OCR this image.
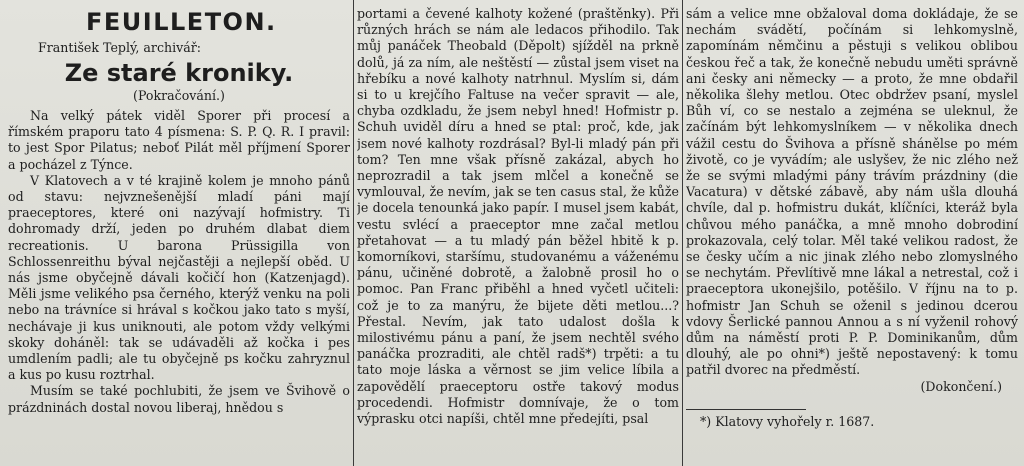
FEUILLETON.
František Teplý, archivář:
Ze staré kroniky.
(Pokračování.)

Na velký pátek viděl Sporer při procesí a římském praporu tato 4 písmena: S. P. Q. R. I pravil: to jest Spor Pilatus; neboť Pilát měl příjmení Sporer a pocházel z Týnce.

V Klatovech a v té krajině kolem je mnoho pánů od stavu: nejvznešenější mladí páni mají praeceptores, které oni nazývají hofmistry. Ti dohromady drží, jeden po druhém dlabat diem recreationis. U barona Prüssigilla von Schlossenreithu býval nejčastěji a nejlepší oběd. U nás jsme obyčejně dávali kočičí hon (Katzenjagd). Měli jsme velikého psa černého, kterýž venku na poli nebo na trávníce si hrával s kočkou jako tato s myší, nechávaje ji kus uniknouti, ale potom vždy velkými skoky doháněl: tak se udávaděli až kočka i pes umdlením padli; ale tu obyčejně ps kočku zahryznul a kus po kusu roztrhal.

Musím se také pochlubiti, že jsem ve Švihově o prázdninách dostal novou liberaj, hnědou s

portami a čevené kalhoty kožené (praštěnky). Při různých hrách se nám ale ledacos přihodilo. Tak můj panáček Theobald (Děpolt) sjížděl na prkně dolů, já za ním, ale neštěstí — zůstal jsem viset na hřebíku a nové kalhoty natrhnul. Myslím si, dám si to u krejčího Faltuse na večer spravit — ale, chyba ozdkladu, že jsem nebyl hned! Hofmistr p. Schuh uviděl díru a hned se ptal: proč, kde, jak jsem nové kalhoty rozdrásal? Byl-li mladý pán při tom? Ten mne však přísně zakázal, abych ho neprozradil a tak jsem mlčel a konečně se vymlouval, že nevím, jak se ten casus stal, že kůže je docela tenounká jako papír. I musel jsem kabát, vestu svlécí a praeceptor mne začal metlou přetahovat — a tu mladý pán běžel hbitě k p. komorníkovi, staršímu, studovanému a váženému pánu, učiněné dobrotě, a žalobně prosil ho o pomoc. Pan Franc přiběhl a hned vyčetl učiteli: což je to za manýru, že bijete děti metlou...? Přestal. Nevím, jak tato udalost došla k milostivému pánu a paní, že jsem nechtěl svého panáčka prozraditi, ale chtěl radš*) trpěti: a tu tato moje láska a věrnost se jim velice líbila a zapovědělí praeceptoru ostře takový modus procedendi. Hofmistr domnívaje, že o tom výprasku otci napíši, chtěl mne předejíti, psal

sám a velice mne obžaloval doma dokládaje, že se nechám svádětí, počínám si lehkomyslně, zapomínám němčinu a pěstuji s velikou oblibou českou řeč a tak, že konečně nebudu uměti správně ani česky ani německy — a proto, že mne obdařil několika šlehy metlou. Otec obdržev psaní, myslel Bůh ví, co se nestalo a zejména se uleknul, že začínám být lehkomyslníkem — v několika dnech vážil cestu do Švihova a přísně shánělse po mém životě, co je vyvádím; ale uslyšev, že nic zlého než že se svými mladými pány trávím prázdniny (die Vacatura) v dětské zábavě, aby nám ušla dlouhá chvíle, dal p. hofmistru dukát, klíčníci, kteráž byla chůvou mého panáčka, a mně mnoho dobrodiní prokazovala, celý tolar. Měl také velikou radost, že se česky učím a nic jinak zlého nebo zlomyslného se nechytám. Převlítivě mne lákal a netrestal, což i praeceptora ukonejšilo, potěšilo. V říjnu na to p. hofmistr Jan Schuh se oženil s jedinou dcerou vdovy Šerlické pannou Annou a s ní vyženil rohový dům na náměstí proti P. P. Dominikanům, dům dlouhý, ale po ohni*) ještě nepostavený: k tomu patřil dvorec na předměstí.

(Dokončení.)
*) Klatovy vyhořely r. 1687.
